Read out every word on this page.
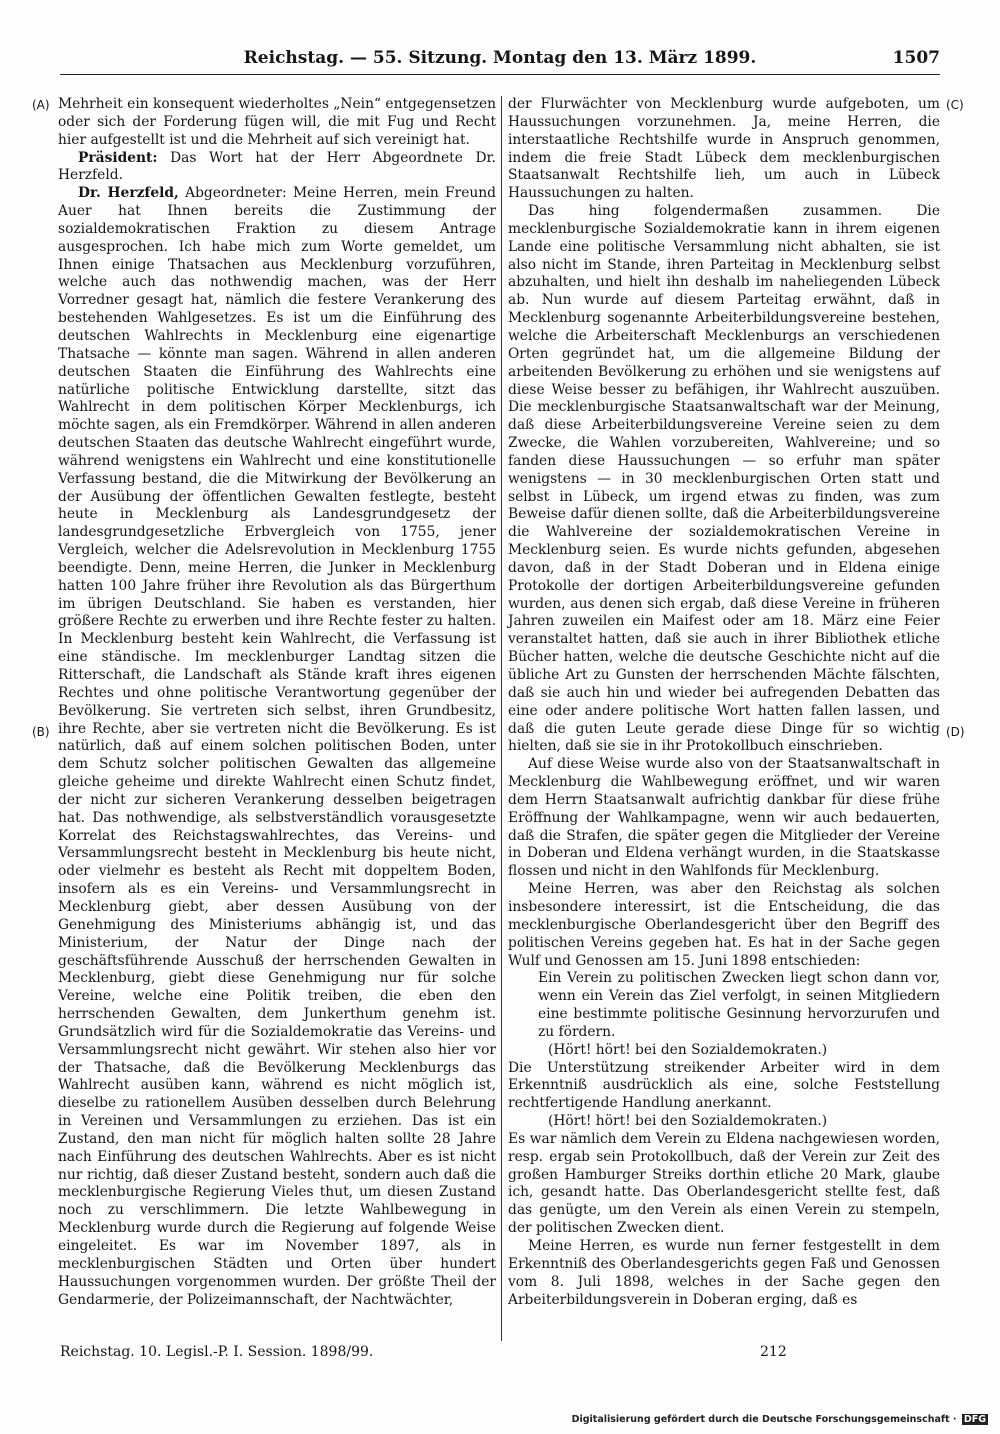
Reichstag. — 55. Sitzung. Montag den 13. März 1899.	1507
(A)
(B)
(C)
(D)

Mehrheit ein konsequent wiederholtes „Nein“ entgegensetzen oder sich der Forderung fügen will, die mit Fug und Recht hier aufgestellt ist und die Mehrheit auf sich vereinigt hat.

Präsident: Das Wort hat der Herr Abgeordnete Dr. Herzfeld.

Dr. Herzfeld, Abgeordneter: Meine Herren, mein Freund Auer hat Ihnen bereits die Zustimmung der sozialdemokratischen Fraktion zu diesem Antrage ausgesprochen. Ich habe mich zum Worte gemeldet, um Ihnen einige Thatsachen aus Mecklenburg vorzuführen, welche auch das nothwendig machen, was der Herr Vorredner gesagt hat, nämlich die festere Verankerung des bestehenden Wahlgesetzes. Es ist um die Einführung des deutschen Wahlrechts in Mecklenburg eine eigenartige Thatsache — könnte man sagen. Während in allen anderen deutschen Staaten die Einführung des Wahlrechts eine natürliche politische Entwicklung darstellte, sitzt das Wahlrecht in dem politischen Körper Mecklenburgs, ich möchte sagen, als ein Fremdkörper. Während in allen anderen deutschen Staaten das deutsche Wahlrecht eingeführt wurde, während wenigstens ein Wahlrecht und eine konstitutionelle Verfassung bestand, die die Mitwirkung der Bevölkerung an der Ausübung der öffentlichen Gewalten festlegte, besteht heute in Mecklenburg als Landesgrundgesetz der landesgrundgesetzliche Erbvergleich von 1755, jener Vergleich, welcher die Adelsrevolution in Mecklenburg 1755 beendigte. Denn, meine Herren, die Junker in Mecklenburg hatten 100 Jahre früher ihre Revolution als das Bürgerthum im übrigen Deutschland. Sie haben es verstanden, hier größere Rechte zu erwerben und ihre Rechte fester zu halten. In Mecklenburg besteht kein Wahlrecht, die Verfassung ist eine ständische. Im mecklenburger Landtag sitzen die Ritterschaft, die Landschaft als Stände kraft ihres eigenen Rechtes und ohne politische Verantwortung gegenüber der Bevölkerung. Sie vertreten sich selbst, ihren Grundbesitz, ihre Rechte, aber sie vertreten nicht die Bevölkerung. Es ist natürlich, daß auf einem solchen politischen Boden, unter dem Schutz solcher politischen Gewalten das allgemeine gleiche geheime und direkte Wahlrecht einen Schutz findet, der nicht zur sicheren Verankerung desselben beigetragen hat. Das nothwendige, als selbstverständlich vorausgesetzte Korrelat des Reichstagswahlrechtes, das Vereins- und Versammlungsrecht besteht in Mecklenburg bis heute nicht, oder vielmehr es besteht als Recht mit doppeltem Boden, insofern als es ein Vereins- und Versammlungsrecht in Mecklenburg giebt, aber dessen Ausübung von der Genehmigung des Ministeriums abhängig ist, und das Ministerium, der Natur der Dinge nach der geschäftsführende Ausschuß der herrschenden Gewalten in Mecklenburg, giebt diese Genehmigung nur für solche Vereine, welche eine Politik treiben, die eben den herrschenden Gewalten, dem Junkerthum genehm ist. Grundsätzlich wird für die Sozialdemokratie das Vereins- und Versammlungsrecht nicht gewährt. Wir stehen also hier vor der Thatsache, daß die Bevölkerung Mecklenburgs das Wahlrecht ausüben kann, während es nicht möglich ist, dieselbe zu rationellem Ausüben desselben durch Belehrung in Vereinen und Versammlungen zu erziehen. Das ist ein Zustand, den man nicht für möglich halten sollte 28 Jahre nach Einführung des deutschen Wahlrechts. Aber es ist nicht nur richtig, daß dieser Zustand besteht, sondern auch daß die mecklenburgische Regierung Vieles thut, um diesen Zustand noch zu verschlimmern. Die letzte Wahlbewegung in Mecklenburg wurde durch die Regierung auf folgende Weise eingeleitet. Es war im November 1897, als in mecklenburgischen Städten und Orten über hundert Haussuchungen vorgenommen wurden. Der größte Theil der Gendarmerie, der Polizeimannschaft, der Nachtwächter,

der Flurwächter von Mecklenburg wurde aufgeboten, um Haussuchungen vorzunehmen. Ja, meine Herren, die interstaatliche Rechtshilfe wurde in Anspruch genommen, indem die freie Stadt Lübeck dem mecklenburgischen Staatsanwalt Rechtshilfe lieh, um auch in Lübeck Haussuchungen zu halten.

Das hing folgendermaßen zusammen. Die mecklenburgische Sozialdemokratie kann in ihrem eigenen Lande eine politische Versammlung nicht abhalten, sie ist also nicht im Stande, ihren Parteitag in Mecklenburg selbst abzuhalten, und hielt ihn deshalb im naheliegenden Lübeck ab. Nun wurde auf diesem Parteitag erwähnt, daß in Mecklenburg sogenannte Arbeiterbildungsvereine bestehen, welche die Arbeiterschaft Mecklenburgs an verschiedenen Orten gegründet hat, um die allgemeine Bildung der arbeitenden Bevölkerung zu erhöhen und sie wenigstens auf diese Weise besser zu befähigen, ihr Wahlrecht auszuüben. Die mecklenburgische Staatsanwaltschaft war der Meinung, daß diese Arbeiterbildungsvereine Vereine seien zu dem Zwecke, die Wahlen vorzubereiten, Wahlvereine; und so fanden diese Haussuchungen — so erfuhr man später wenigstens — in 30 mecklenburgischen Orten statt und selbst in Lübeck, um irgend etwas zu finden, was zum Beweise dafür dienen sollte, daß die Arbeiterbildungsvereine die Wahlvereine der sozialdemokratischen Vereine in Mecklenburg seien. Es wurde nichts gefunden, abgesehen davon, daß in der Stadt Doberan und in Eldena einige Protokolle der dortigen Arbeiterbildungsvereine gefunden wurden, aus denen sich ergab, daß diese Vereine in früheren Jahren zuweilen ein Maifest oder am 18. März eine Feier veranstaltet hatten, daß sie auch in ihrer Bibliothek etliche Bücher hatten, welche die deutsche Geschichte nicht auf die übliche Art zu Gunsten der herrschenden Mächte fälschten, daß sie auch hin und wieder bei aufregenden Debatten das eine oder andere politische Wort hatten fallen lassen, und daß die guten Leute gerade diese Dinge für so wichtig hielten, daß sie sie in ihr Protokollbuch einschrieben.

Auf diese Weise wurde also von der Staatsanwaltschaft in Mecklenburg die Wahlbewegung eröffnet, und wir waren dem Herrn Staatsanwalt aufrichtig dankbar für diese frühe Eröffnung der Wahlkampagne, wenn wir auch bedauerten, daß die Strafen, die später gegen die Mitglieder der Vereine in Doberan und Eldena verhängt wurden, in die Staatskasse flossen und nicht in den Wahlfonds für Mecklenburg.

Meine Herren, was aber den Reichstag als solchen insbesondere interessirt, ist die Entscheidung, die das mecklenburgische Oberlandesgericht über den Begriff des politischen Vereins gegeben hat. Es hat in der Sache gegen Wulf und Genossen am 15. Juni 1898 entschieden:

Ein Verein zu politischen Zwecken liegt schon dann vor, wenn ein Verein das Ziel verfolgt, in seinen Mitgliedern eine bestimmte politische Gesinnung hervorzurufen und zu fördern.

(Hört! hört! bei den Sozialdemokraten.)

Die Unterstützung streikender Arbeiter wird in dem Erkenntniß ausdrücklich als eine, solche Feststellung rechtfertigende Handlung anerkannt.

(Hört! hört! bei den Sozialdemokraten.)

Es war nämlich dem Verein zu Eldena nachgewiesen worden, resp. ergab sein Protokollbuch, daß der Verein zur Zeit des großen Hamburger Streiks dorthin etliche 20 Mark, glaube ich, gesandt hatte. Das Oberlandesgericht stellte fest, daß das genügte, um den Verein als einen Verein zu stempeln, der politischen Zwecken dient.

Meine Herren, es wurde nun ferner festgestellt in dem Erkenntniß des Oberlandesgerichts gegen Faß und Genossen vom 8. Juli 1898, welches in der Sache gegen den Arbeiterbildungsverein in Doberan erging, daß es

Reichstag. 10. Legisl.-P. I. Session. 1898/99.	212
Digitalisierung gefördert durch die Deutsche Forschungsgemeinschaft · DFG
